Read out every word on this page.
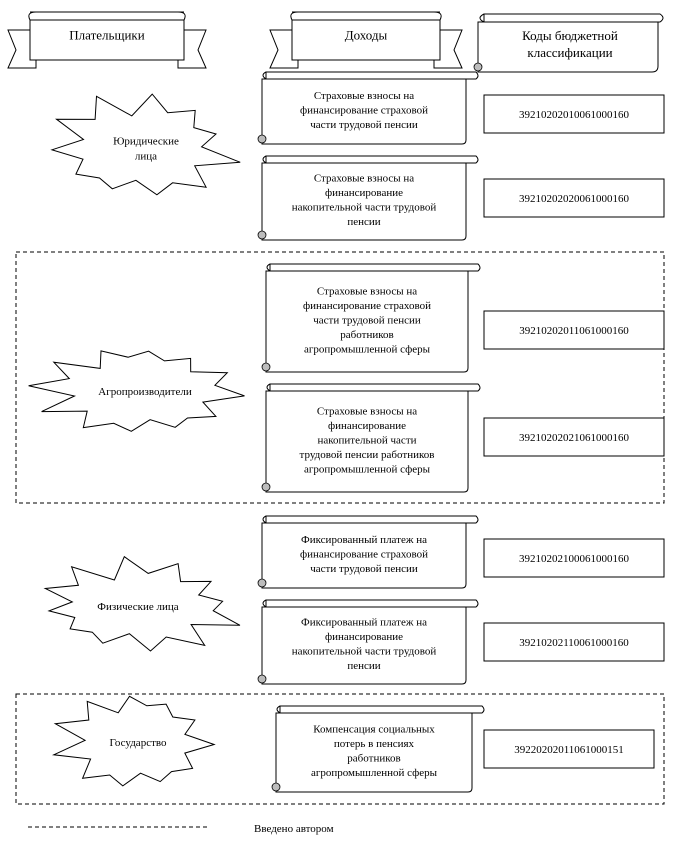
Плательщики	Доходы	Коды бюджетной
классификации
Юридические
лица
Агропроизводители
Физические лица
Государство
Страховые взносы на
финансирование страховой
части трудовой пенсии
Страховые взносы на
финансирование
накопительной части трудовой
пенсии
Страховые взносы на
финансирование страховой
части трудовой пенсии
работников
агропромышленной сферы
Страховые взносы на
финансирование
накопительной части
трудовой пенсии работников
агропромышленной сферы
Фиксированный платеж на
финансирование страховой
части трудовой пенсии
Фиксированный платеж на
финансирование
накопительной части трудовой
пенсии
Компенсация социальных
потерь в пенсиях
работников
агропромышленной сферы
39210202010061000160
39210202020061000160
39210202011061000160
39210202021061000160
39210202100061000160
39210202110061000160
39220202011061000151
Введено автором
